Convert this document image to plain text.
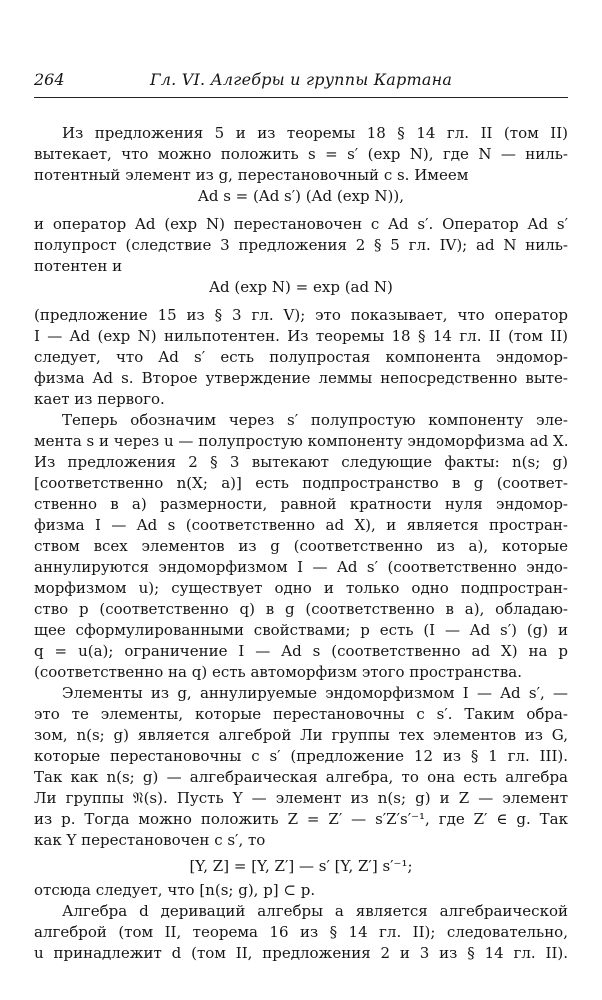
264	Гл. VI. Алгебры и группы Картана
Из предложения 5 и из теоремы 18 § 14 гл. II (том II)
вытекает, что можно положить s = s′ (exp N), где N — ниль-
потентный элемент из g, перестановочный с s. Имеем
Ad s = (Ad s′) (Ad (exp N)),
и оператор Ad (exp N) перестановочен с Ad s′. Оператор Ad s′
полупрост (следствие 3 предложения 2 § 5 гл. IV); ad N ниль-
потентен и
Ad (exp N) = exp (ad N)
(предложение 15 из § 3 гл. V); это показывает, что оператор
I — Ad (exp N) нильпотентен. Из теоремы 18 § 14 гл. II (том II)
следует, что Ad s′ есть полупростая компонента эндомор-
физма Ad s. Второе утверждение леммы непосредственно выте-
кает из первого.
Теперь обозначим через s′ полупростую компоненту эле-
мента s и через u — полупростую компоненту эндоморфизма ad X.
Из предложения 2 § 3 вытекают следующие факты: n(s; g)
[соответственно n(X; a)] есть подпространство в g (соответ-
ственно в a) размерности, равной кратности нуля эндомор-
физма I — Ad s (соответственно ad X), и является простран-
ством всех элементов из g (соответственно из a), которые
аннулируются эндоморфизмом I — Ad s′ (соответственно эндо-
морфизмом u); существует одно и только одно подпростран-
ство p (соответственно q) в g (соответственно в a), обладаю-
щее сформулированными свойствами; p есть (I — Ad s′) (g) и
q = u(a); ограничение I — Ad s (соответственно ad X) на p
(соответственно на q) есть автоморфизм этого пространства.
Элементы из g, аннулируемые эндоморфизмом I — Ad s′, —
это те элементы, которые перестановочны с s′. Таким обра-
зом, n(s; g) является алгеброй Ли группы тех элементов из G,
которые перестановочны с s′ (предложение 12 из § 1 гл. III).
Так как n(s; g) — алгебраическая алгебра, то она есть алгебра
Ли группы 𝔑(s). Пусть Y — элемент из n(s; g) и Z — элемент
из p. Тогда можно положить Z = Z′ — s′Z′s′⁻¹, где Z′ ∈ g. Так
как Y перестановочен с s′, то
[Y, Z] = [Y, Z′] — s′ [Y, Z′] s′⁻¹;
отсюда следует, что [n(s; g), p] ⊂ p.
Алгебра d дериваций алгебры a является алгебраической
алгеброй (том II, теорема 16 из § 14 гл. II); следовательно,
u принадлежит d (том II, предложения 2 и 3 из § 14 гл. II).
